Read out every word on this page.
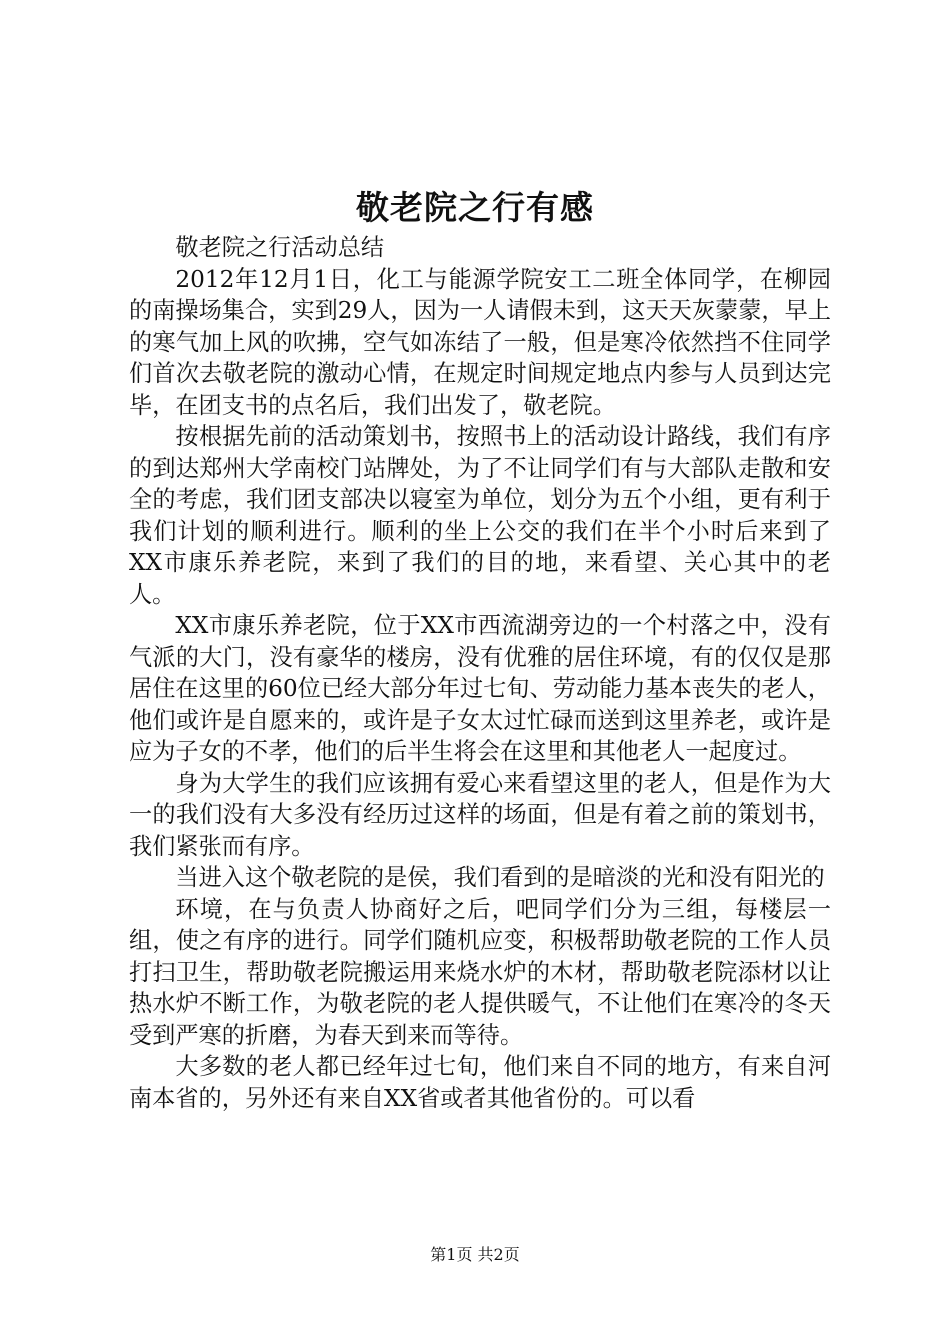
敬老院之行有感

敬老院之行活动总结

2012年12月1日，化工与能源学院安工二班全体同学，在柳园的南操场集合，实到29人，因为一人请假未到，这天天灰蒙蒙，早上的寒气加上风的吹拂，空气如冻结了一般，但是寒冷依然挡不住同学们首次去敬老院的激动心情，在规定时间规定地点内参与人员到达完毕，在团支书的点名后，我们出发了，敬老院。

按根据先前的活动策划书，按照书上的活动设计路线，我们有序的到达郑州大学南校门站牌处，为了不让同学们有与大部队走散和安全的考虑，我们团支部决以寝室为单位，划分为五个小组，更有利于我们计划的顺利进行。顺利的坐上公交的我们在半个小时后来到了XX市康乐养老院，来到了我们的目的地，来看望、关心其中的老人。

XX市康乐养老院，位于XX市西流湖旁边的一个村落之中，没有气派的大门，没有豪华的楼房，没有优雅的居住环境，有的仅仅是那居住在这里的60位已经大部分年过七旬、劳动能力基本丧失的老人，他们或许是自愿来的，或许是子女太过忙碌而送到这里养老，或许是应为子女的不孝，他们的后半生将会在这里和其他老人一起度过。

身为大学生的我们应该拥有爱心来看望这里的老人，但是作为大一的我们没有大多没有经历过这样的场面，但是有着之前的策划书，我们紧张而有序。

当进入这个敬老院的是侯，我们看到的是暗淡的光和没有阳光的

环境，在与负责人协商好之后，吧同学们分为三组，每楼层一组，使之有序的进行。同学们随机应变，积极帮助敬老院的工作人员打扫卫生，帮助敬老院搬运用来烧水炉的木材，帮助敬老院添材以让热水炉不断工作，为敬老院的老人提供暖气，不让他们在寒冷的冬天受到严寒的折磨，为春天到来而等待。

大多数的老人都已经年过七旬，他们来自不同的地方，有来自河南本省的，另外还有来自XX省或者其他省份的。可以看

第1页 共2页
